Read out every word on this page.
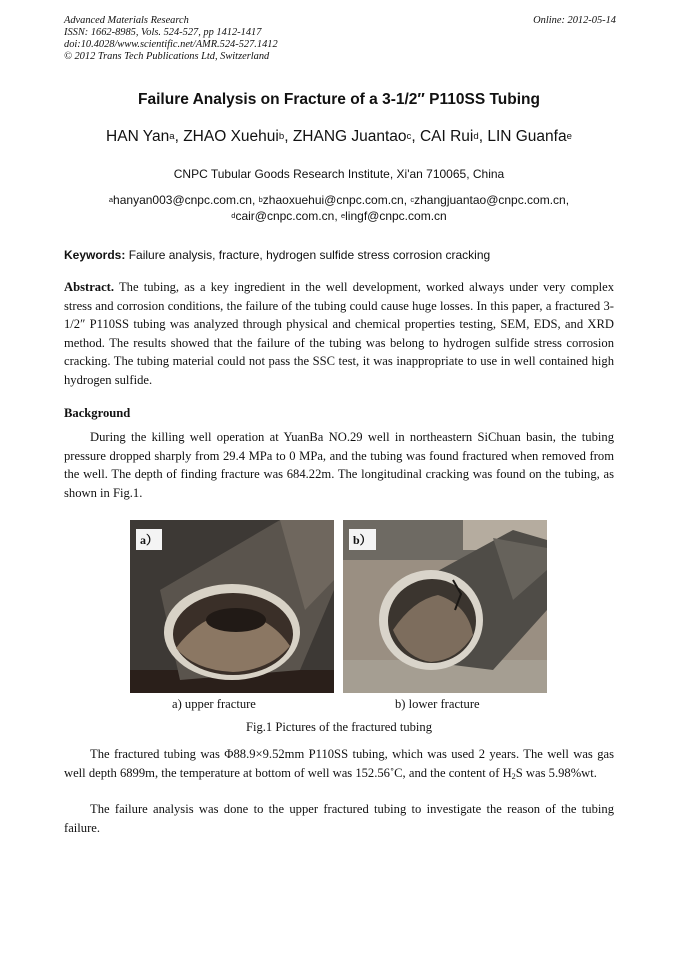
Advanced Materials Research
ISSN: 1662-8985, Vols. 524-527, pp 1412-1417
doi:10.4028/www.scientific.net/AMR.524-527.1412
© 2012 Trans Tech Publications Ltd, Switzerland
Online: 2012-05-14
Failure Analysis on Fracture of a 3-1/2″ P110SS Tubing
HAN Yan$^a$, ZHAO Xuehui$^b$, ZHANG Juantao$^c$, CAI Rui$^d$, LIN Guanfa$^e$
CNPC Tubular Goods Research Institute, Xi'an 710065, China
$^a$hanyan003@cnpc.com.cn, $^b$zhaoxuehui@cnpc.com.cn, $^c$zhangjuantao@cnpc.com.cn,
$^d$cair@cnpc.com.cn, $^e$lingf@cnpc.com.cn
Keywords: Failure analysis, fracture, hydrogen sulfide stress corrosion cracking
Abstract. The tubing, as a key ingredient in the well development, worked always under very complex stress and corrosion conditions, the failure of the tubing could cause huge losses. In this paper, a fractured 3-1/2″ P110SS tubing was analyzed through physical and chemical properties testing, SEM, EDS, and XRD method. The results showed that the failure of the tubing was belong to hydrogen sulfide stress corrosion cracking. The tubing material could not pass the SSC test, it was inappropriate to use in well contained high hydrogen sulfide.
Background
During the killing well operation at YuanBa NO.29 well in northeastern SiChuan basin, the tubing pressure dropped sharply from 29.4 MPa to 0 MPa, and the tubing was found fractured when removed from the well. The depth of finding fracture was 684.22m. The longitudinal cracking was found on the tubing, as shown in Fig.1.
a）	b）
a) upper fracture	b) lower fracture
Fig.1 Pictures of the fractured tubing
The fractured tubing was Φ88.9×9.52mm P110SS tubing, which was used 2 years. The well was gas well depth 6899m, the temperature at bottom of well was 152.56˚C, and the content of $H_2S$ was 5.98%wt.
The failure analysis was done to the upper fractured tubing to investigate the reason of the tubing failure.
